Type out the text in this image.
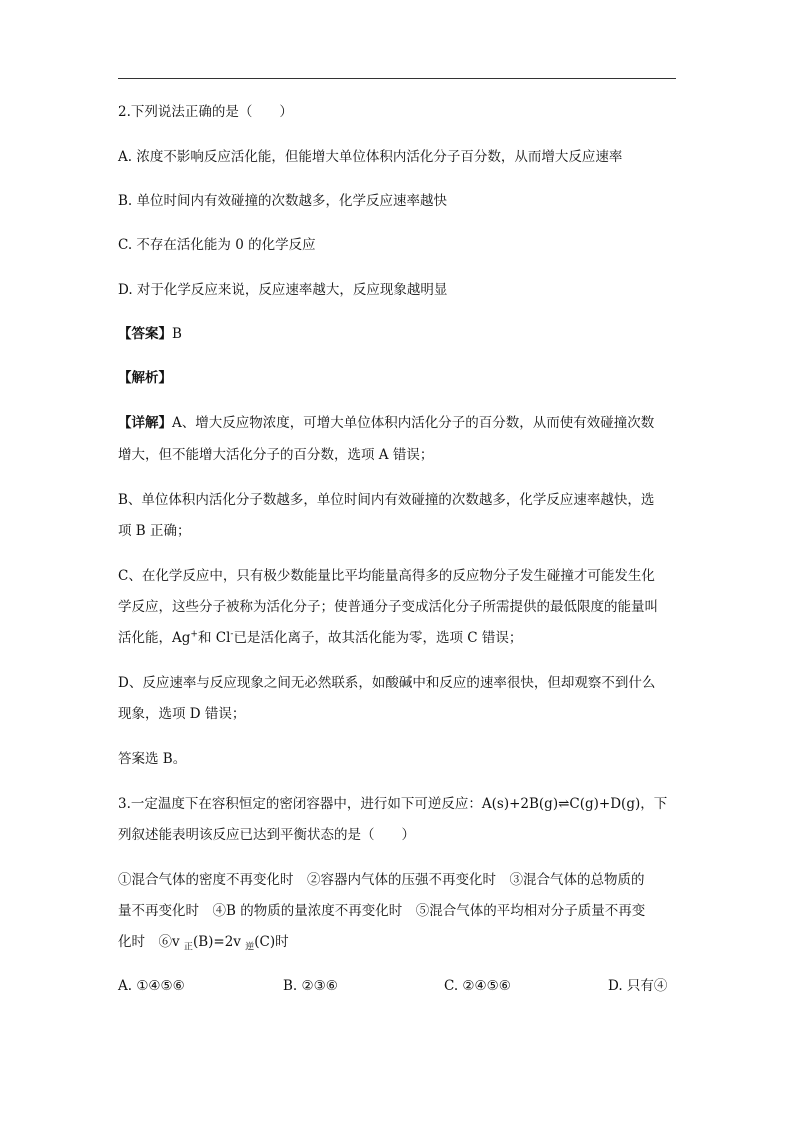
2.下列说法正确的是（　　）
A. 浓度不影响反应活化能，但能增大单位体积内活化分子百分数，从而增大反应速率
B. 单位时间内有效碰撞的次数越多，化学反应速率越快
C. 不存在活化能为 0 的化学反应
D. 对于化学反应来说，反应速率越大，反应现象越明显
【答案】B
【解析】
【详解】A、增大反应物浓度，可增大单位体积内活化分子的百分数，从而使有效碰撞次数
增大，但不能增大活化分子的百分数，选项 A 错误；
B、单位体积内活化分子数越多，单位时间内有效碰撞的次数越多，化学反应速率越快，选
项 B 正确；
C、在化学反应中，只有极少数能量比平均能量高得多的反应物分子发生碰撞才可能发生化
学反应，这些分子被称为活化分子；使普通分子变成活化分子所需提供的最低限度的能量叫
活化能，Ag+和 Cl-已是活化离子，故其活化能为零，选项 C 错误；
D、反应速率与反应现象之间无必然联系，如酸碱中和反应的速率很快，但却观察不到什么
现象，选项 D 错误；
答案选 B。
3.一定温度下在容积恒定的密闭容器中，进行如下可逆反应：A(s)+2B(g)⇌C(g)+D(g)，下
列叙述能表明该反应已达到平衡状态的是（　　）
①混合气体的密度不再变化时　②容器内气体的压强不再变化时　③混合气体的总物质的
量不再变化时　④B 的物质的量浓度不再变化时　⑤混合气体的平均相对分子质量不再变
化时　⑥v $_正$(B)=2v $_逆$(C)时
A. ①④⑤⑥	B. ②③⑥	C. ②④⑤⑥	D. 只有④
